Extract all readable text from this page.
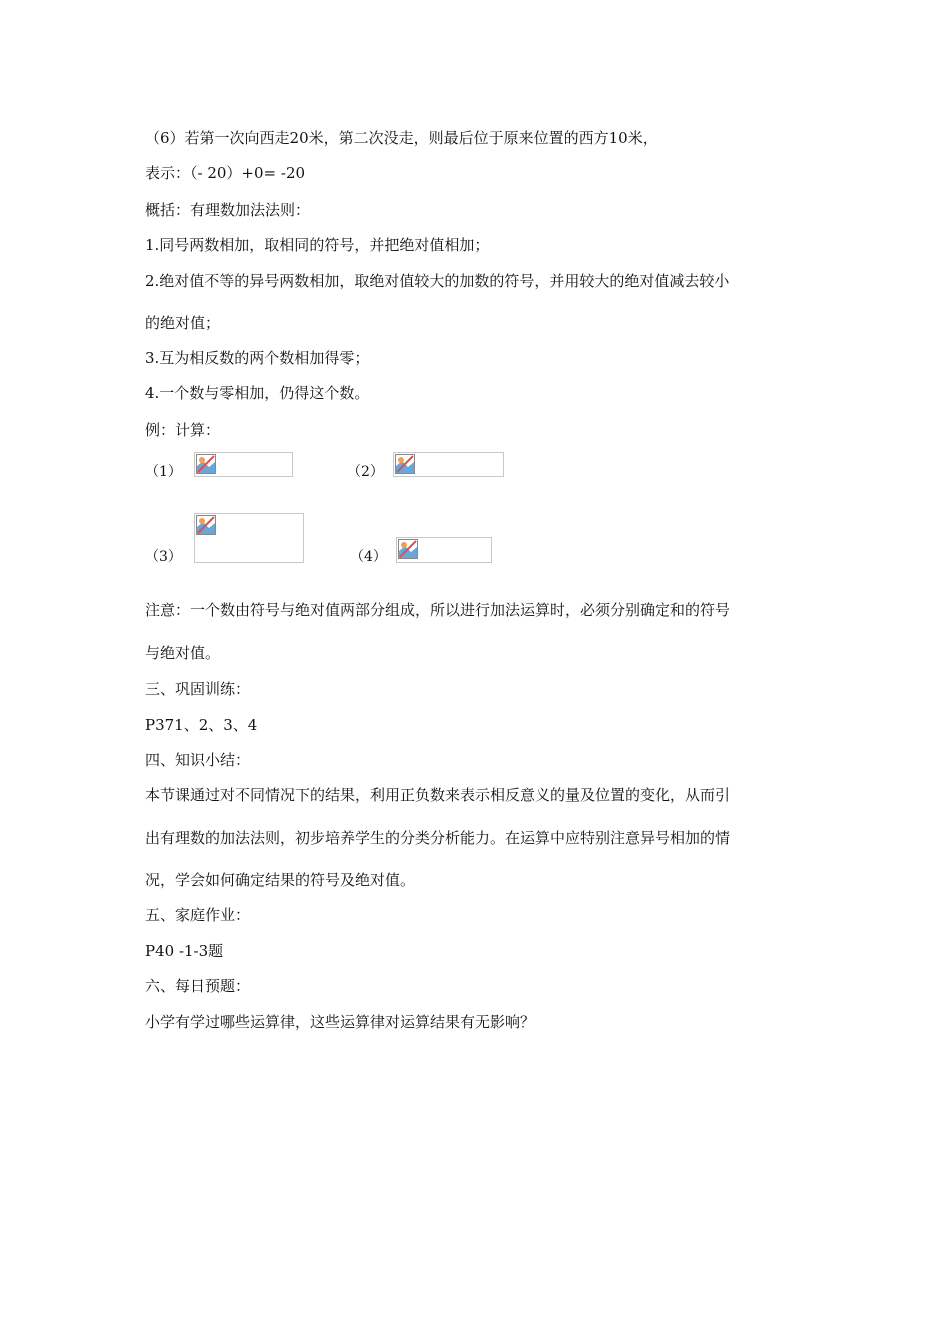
（6）若第一次向西走20米，第二次没走，则最后位于原来位置的西方10米，
表示：（- 20）+0= -20
概括：有理数加法法则：
1.同号两数相加，取相同的符号，并把绝对值相加；
2.绝对值不等的异号两数相加，取绝对值较大的加数的符号，并用较大的绝对值减去较小
的绝对值；
3.互为相反数的两个数相加得零；
4.一个数与零相加，仍得这个数。
例：计算：
（1）	（2）
（3）	（4）
注意：一个数由符号与绝对值两部分组成，所以进行加法运算时，必须分别确定和的符号
与绝对值。
三、巩固训练：
P371、2、3、4
四、知识小结：
本节课通过对不同情况下的结果，利用正负数来表示相反意义的量及位置的变化，从而引
出有理数的加法法则，初步培养学生的分类分析能力。在运算中应特别注意异号相加的情
况，学会如何确定结果的符号及绝对值。
五、家庭作业：
P40 -1-3题
六、每日预题：
小学有学过哪些运算律，这些运算律对运算结果有无影响？
